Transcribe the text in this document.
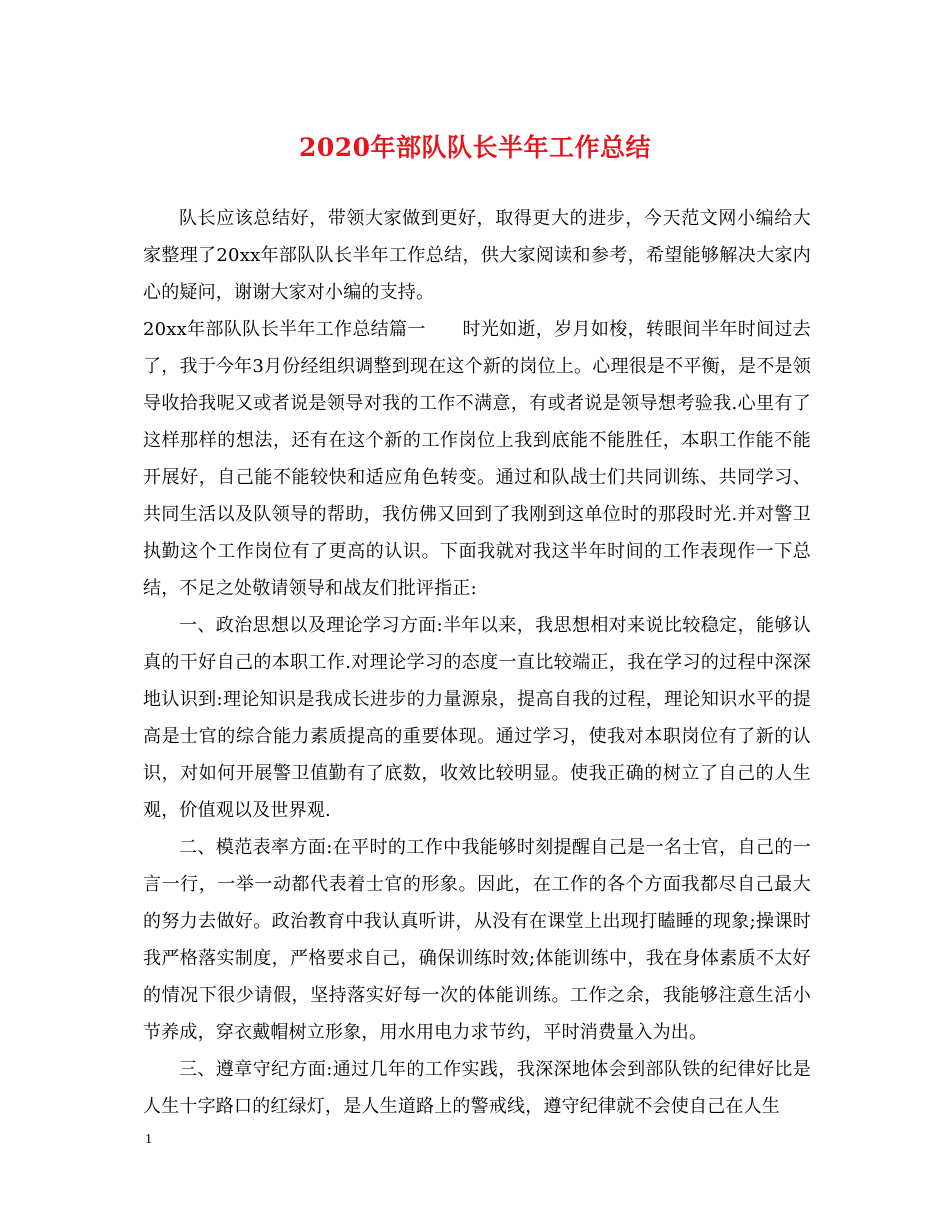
2020年部队队长半年工作总结

队长应该总结好，带领大家做到更好，取得更大的进步，今天范文网小编给大家整理了20xx年部队队长半年工作总结，供大家阅读和参考，希望能够解决大家内心的疑问，谢谢大家对小编的支持。

20xx年部队队长半年工作总结篇一　　时光如逝，岁月如梭，转眼间半年时间过去了，我于今年3月份经组织调整到现在这个新的岗位上。心理很是不平衡，是不是领导收拾我呢又或者说是领导对我的工作不满意，有或者说是领导想考验我.心里有了这样那样的想法，还有在这个新的工作岗位上我到底能不能胜任，本职工作能不能开展好，自己能不能较快和适应角色转变。通过和队战士们共同训练、共同学习、共同生活以及队领导的帮助，我仿佛又回到了我刚到这单位时的那段时光.并对警卫执勤这个工作岗位有了更高的认识。下面我就对我这半年时间的工作表现作一下总结，不足之处敬请领导和战友们批评指正:

一、政治思想以及理论学习方面:半年以来，我思想相对来说比较稳定，能够认真的干好自己的本职工作.对理论学习的态度一直比较端正，我在学习的过程中深深地认识到:理论知识是我成长进步的力量源泉，提高自我的过程，理论知识水平的提高是士官的综合能力素质提高的重要体现。通过学习，使我对本职岗位有了新的认识，对如何开展警卫值勤有了底数，收效比较明显。使我正确的树立了自己的人生观，价值观以及世界观.

二、模范表率方面:在平时的工作中我能够时刻提醒自己是一名士官，自己的一言一行，一举一动都代表着士官的形象。因此，在工作的各个方面我都尽自己最大的努力去做好。政治教育中我认真听讲，从没有在课堂上出现打瞌睡的现象;操课时我严格落实制度，严格要求自己，确保训练时效;体能训练中，我在身体素质不太好的情况下很少请假，坚持落实好每一次的体能训练。工作之余，我能够注意生活小节养成，穿衣戴帽树立形象，用水用电力求节约，平时消费量入为出。

三、遵章守纪方面:通过几年的工作实践，我深深地体会到部队铁的纪律好比是人生十字路口的红绿灯，是人生道路上的警戒线，遵守纪律就不会使自己在人生

1
